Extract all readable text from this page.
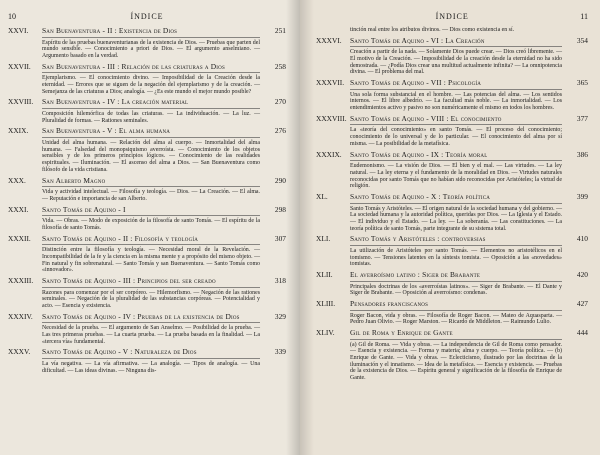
10	ÍNDICE
XXVI.	San Buenaventura - II : Existencia de Dios	251
Espíritu de las pruebas buenaventurianas de la existencia de Dios. — Pruebas que parten del mundo sensible. — Conocimiento a priori de Dios. — El argumento anselmiano. — Argumento basado en la verdad.
XXVII.	San Buenaventura - III : Relación de las criaturas a Dios	258
Ejemplarismo. — El conocimiento divino. — Imposibilidad de la Creación desde la eternidad. — Errores que se siguen de la negación del ejemplarismo y de la creación. — Semejanza de las criaturas a Dios; analogía. — ¿Es este mundo el mejor mundo posible?
XXVIII.	San Buenaventura - IV : La creación material	270
Composición hilemórfica de todas las criaturas. — La individuación. — La luz. — Pluralidad de formas. — Rationes seminales.
XXIX.	San Buenaventura - V : El alma humana	276
Unidad del alma humana. — Relación del alma al cuerpo. — Inmortalidad del alma humana. — Falsedad del monopsiquismo averroísta. — Conocimiento de los objetos sensibles y de los primeros principios lógicos. — Conocimiento de las realidades espirituales. — Iluminación. — El ascenso del alma a Dios. — San Buenaventura como filósofo de la vida cristiana.
XXX.	San Alberto Magno	290
Vida y actividad intelectual. — Filosofía y teología. — Dios. — La Creación. — El alma. — Reputación e importancia de san Alberto.
XXXI.	Santo Tomás de Aquino - I	298
Vida. — Obras. — Modo de exposición de la filosofía de santo Tomás. — El espíritu de la filosofía de santo Tomás.
XXXII.	Santo Tomás de Aquino - II : Filosofía y teología	307
Distinción entre la filosofía y teología. — Necesidad moral de la Revelación. — Incompatibilidad de la fe y la ciencia en la misma mente y a propósito del mismo objeto. — Fin natural y fin sobrenatural. — Santo Tomás y san Buenaventura. — Santo Tomás como «innovador».
XXXIII.	Santo Tomás de Aquino - III : Principios del ser creado	318
Razones para comenzar por el ser corpóreo. — Hilemorfismo. — Negación de las rationes seminales. — Negación de la pluralidad de las substancias corpóreas. — Potencialidad y acto. — Esencia y existencia.
XXXIV.	Santo Tomás de Aquino - IV : Pruebas de la existencia de Dios	329
Necesidad de la prueba. — El argumento de San Anselmo. — Posibilidad de la prueba. — Las tres primeras pruebas. — La cuarta prueba. — La prueba basada en la finalidad. — La «tercera vía» fundamental.
XXXV.	Santo Tomás de Aquino - V : Naturaleza de Dios	339
La vía negativa. — La vía afirmativa. — La analogía. — Tipos de analogía. — Una dificultad. — Las ideas divinas. — Ninguna dis-
ÍNDICE	11
tinción real entre los atributos divinos. — Dios como existencia en sí.
XXXVI.	Santo Tomás de Aquino - VI : La Creación	354
Creación a partir de la nada. — Solamente Dios puede crear. — Dios creó libremente. — El motivo de la Creación. — Imposibilidad de la creación desde la eternidad no ha sido demostrada. — ¿Podía Dios crear una multitud actualmente infinita? — La omnipotencia divina. — El problema del mal.
XXXVII. Santo Tomás de Aquino - VII : Psicología	365
Una sola forma substancial en el hombre. — Las potencias del alma. — Los sentidos internos. — El libre albedrío. — La facultad más noble. — La inmortalidad. — Los entendimientos activo y pasivo no son numéricamente el mismo en todos los hombres.
XXXVIII. Santo Tomás de Aquino - VIII : El conocimiento	377
La «teoría del conocimiento» en santo Tomás. — El proceso del conocimiento; conocimiento de lo universal y de lo particular. — El conocimiento del alma por sí misma. — La posibilidad de la metafísica.
XXXIX.	Santo Tomás de Aquino - IX : Teoría moral	386
Eudemonismo. — La visión de Dios. — El bien y el mal. — Las virtudes. — La ley natural. — La ley eterna y el fundamento de la moralidad en Dios. — Virtudes naturales reconocidas por santo Tomás que no habían sido reconocidas por Aristóteles; la virtud de religión.
XL.	Santo Tomás de Aquino - X : Teoría política	399
Santo Tomás y Aristóteles. — El origen natural de la sociedad humana y del gobierno. — La sociedad humana y la autoridad política, queridas por Dios. — La Iglesia y el Estado. — El individuo y el Estado. — La ley. — La soberanía. — Las constituciones. — La teoría política de santo Tomás, parte integrante de su sistema total.
XLI.	Santo Tomás y Aristóteles : controversias	410
La utilización de Aristóteles por santo Tomás. — Elementos no aristotélicos en el tomismo. — Tensiones latentes en la síntesis tomista. — Oposición a las «novedades» tomistas.
XLII.	El averroísmo latino : Siger de Brabante	420
Principales doctrinas de los «averroístas latinos». — Siger de Brabante. — El Dante y Siger de Brabante. — Oposición al averroísmo: condenas.
XLIII.	Pensadores franciscanos	427
Roger Bacon, vida y obras. — Filosofía de Roger Bacon. — Mateo de Aquasparta. — Pedro Juan Olivio. — Roger Marston. — Ricardo de Middleton. — Raimundo Lulio.
XLIV.	Gil de Roma y Enrique de Gante	444
(a) Gil de Roma. — Vida y obras. — La independencia de Gil de Roma como pensador. — Esencia y existencia. — Forma y materia; alma y cuerpo. — Teoría política. — (b) Enrique de Gante. — Vida y obras. — Eclecticismo, ilustrado por las doctrinas de la iluminación y el innatismo. — Idea de la metafísica. — Esencia y existencia. — Pruebas de la existencia de Dios. — Espíritu general y significación de la filosofía de Enrique de Gante.
